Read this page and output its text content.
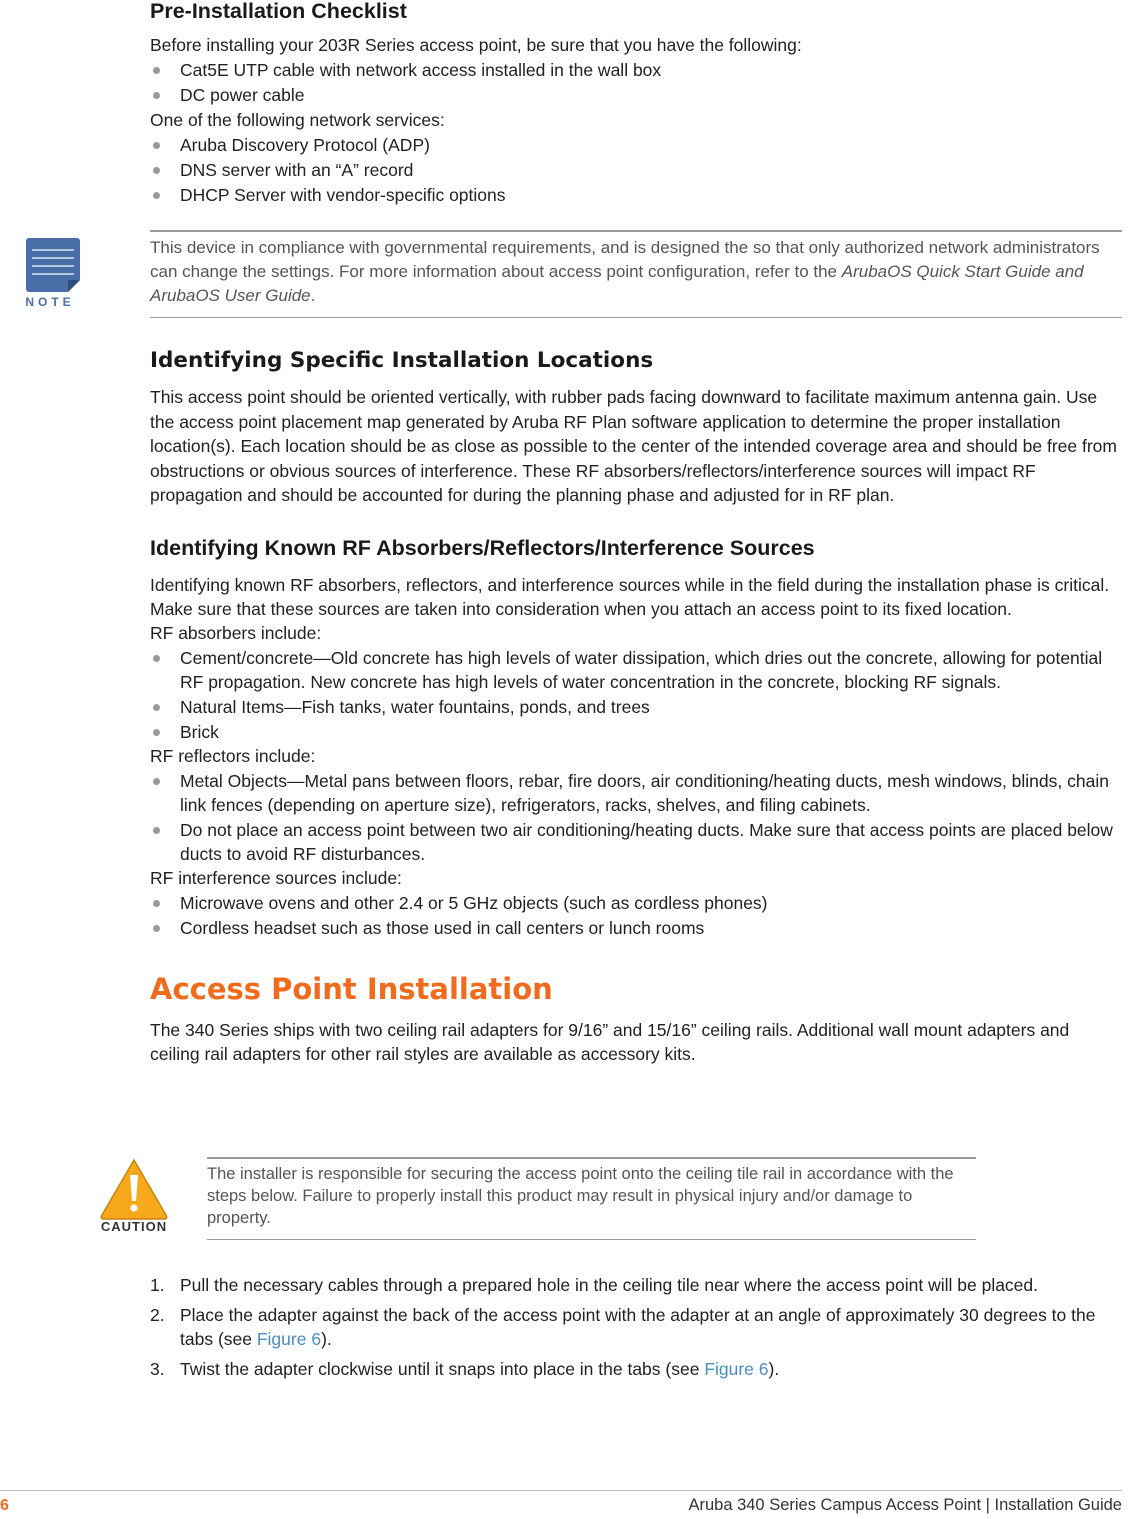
NOTE
Pre-Installation Checklist

Before installing your 203R Series access point, be sure that you have the following:

Cat5E UTP cable with network access installed in the wall box
DC power cable

One of the following network services:

Aruba Discovery Protocol (ADP)
DNS server with an “A” record
DHCP Server with vendor-specific options

This device in compliance with governmental requirements, and is designed the so that only authorized network administrators can change the settings. For more information about access point configuration, refer to the ArubaOS Quick Start Guide and ArubaOS User Guide.

Identifying Specific Installation Locations

This access point should be oriented vertically, with rubber pads facing downward to facilitate maximum antenna gain. Use the access point placement map generated by Aruba RF Plan software application to determine the proper installation location(s). Each location should be as close as possible to the center of the intended coverage area and should be free from obstructions or obvious sources of interference. These RF absorbers/reflectors/interference sources will impact RF propagation and should be accounted for during the planning phase and adjusted for in RF plan.

Identifying Known RF Absorbers/Reflectors/Interference Sources

Identifying known RF absorbers, reflectors, and interference sources while in the field during the installation phase is critical. Make sure that these sources are taken into consideration when you attach an access point to its fixed location.

RF absorbers include:

Cement/concrete—Old concrete has high levels of water dissipation, which dries out the concrete, allowing for potential RF propagation. New concrete has high levels of water concentration in the concrete, blocking RF signals.
Natural Items—Fish tanks, water fountains, ponds, and trees
Brick

RF reflectors include:

Metal Objects—Metal pans between floors, rebar, fire doors, air conditioning/heating ducts, mesh windows, blinds, chain link fences (depending on aperture size), refrigerators, racks, shelves, and filing cabinets.
Do not place an access point between two air conditioning/heating ducts. Make sure that access points are placed below ducts to avoid RF disturbances.

RF interference sources include:

Microwave ovens and other 2.4 or 5 GHz objects (such as cordless phones)
Cordless headset such as those used in call centers or lunch rooms
Access Point Installation

The 340 Series ships with two ceiling rail adapters for 9/16” and 15/16” ceiling rails. Additional wall mount adapters and ceiling rail adapters for other rail styles are available as accessory kits.

CAUTION

The installer is responsible for securing the access point onto the ceiling tile rail in accordance with the steps below. Failure to properly install this product may result in physical injury and/or damage to property.

1. Pull the necessary cables through a prepared hole in the ceiling tile near where the access point will be placed.
2. Place the adapter against the back of the access point with the adapter at an angle of approximately 30 degrees to the tabs (see Figure 6).
3. Twist the adapter clockwise until it snaps into place in the tabs (see Figure 6).
6	Aruba 340 Series Campus Access Point | Installation Guide
